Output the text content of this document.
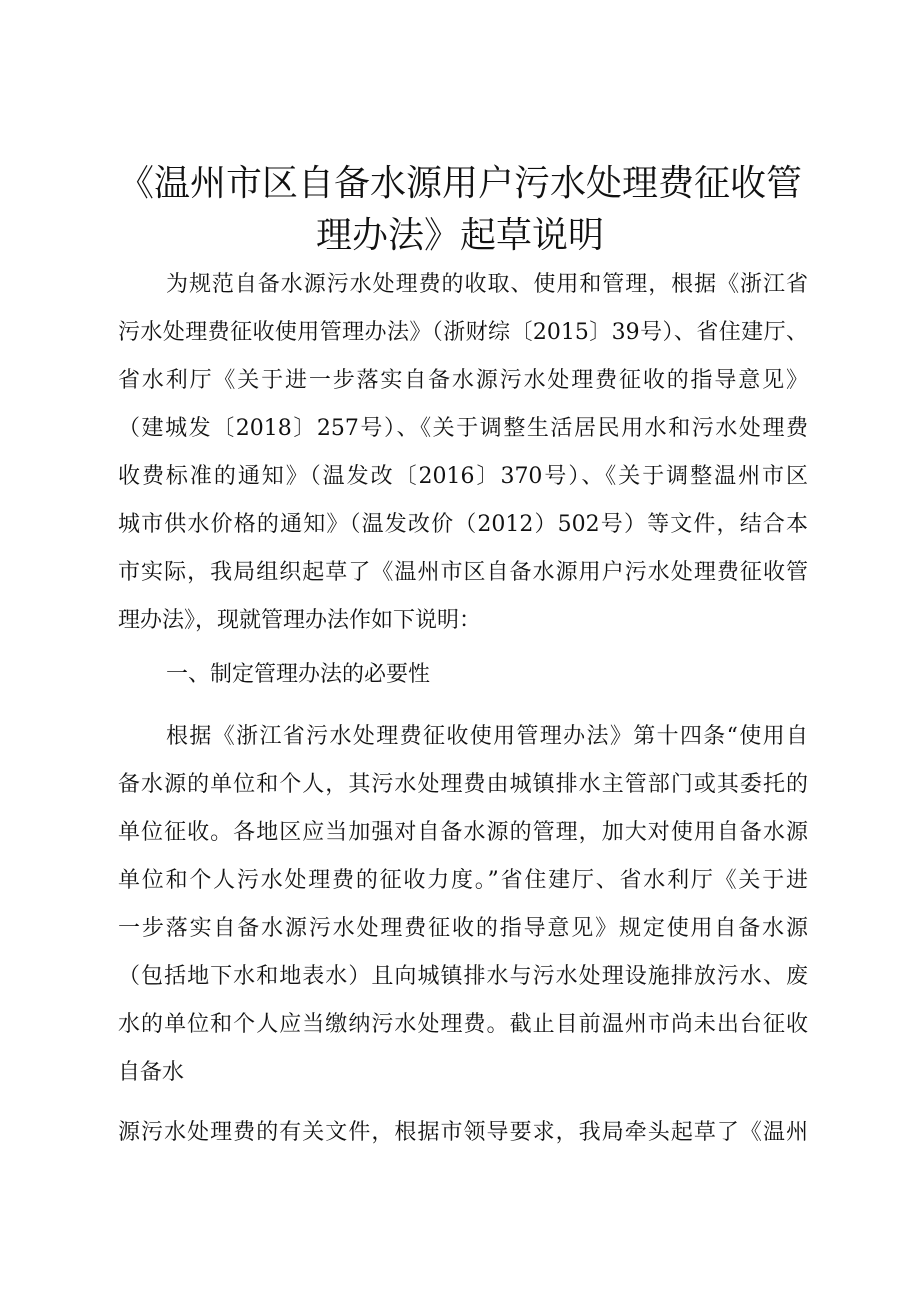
《温州市区自备水源用户污水处理费征收管
理办法》起草说明
为规范自备水源污水处理费的收取、使用和管理，根据《浙江省
污水处理费征收使用管理办法》（浙财综〔2015〕39号）、省住建厅、
省水利厅《关于进一步落实自备水源污水处理费征收的指导意见》
（建城发〔2018〕257号）、《关于调整生活居民用水和污水处理费
收费标准的通知》（温发改〔2016〕370号）、《关于调整温州市区
城市供水价格的通知》（温发改价（2012）502号）等文件，结合本
市实际，我局组织起草了《温州市区自备水源用户污水处理费征收管
理办法》，现就管理办法作如下说明：
一、制定管理办法的必要性
根据《浙江省污水处理费征收使用管理办法》第十四条“使用自
备水源的单位和个人，其污水处理费由城镇排水主管部门或其委托的
单位征收。各地区应当加强对自备水源的管理，加大对使用自备水源
单位和个人污水处理费的征收力度。”省住建厅、省水利厅《关于进
一步落实自备水源污水处理费征收的指导意见》规定使用自备水源
（包括地下水和地表水）且向城镇排水与污水处理设施排放污水、废
水的单位和个人应当缴纳污水处理费。截止目前温州市尚未出台征收
自备水
源污水处理费的有关文件，根据市领导要求，我局牵头起草了《温州
